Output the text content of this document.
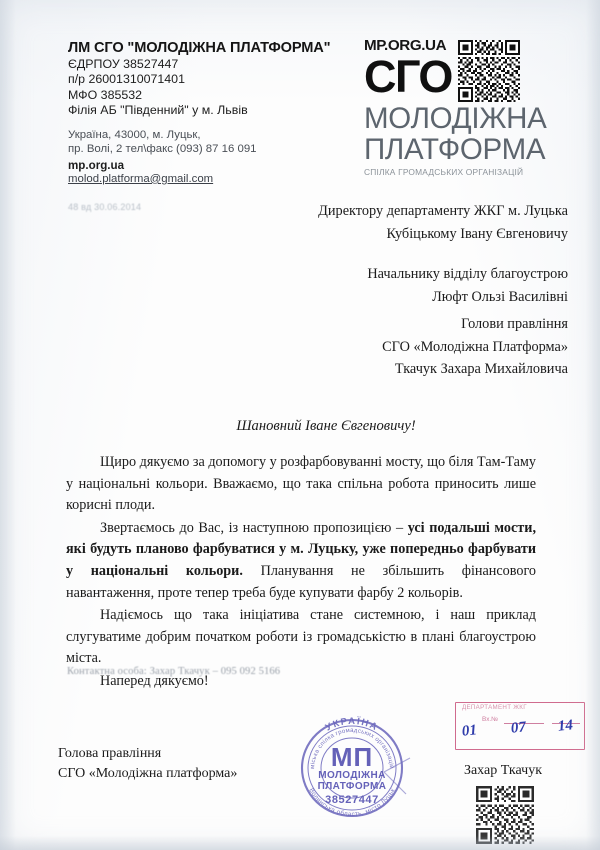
ЛМ СГО "МОЛОДІЖНА ПЛАТФОРМА"
ЄДРПОУ 38527447
п/р 26001310071401
МФО 385532
Філія АБ "Південний" у м. Львів
Україна, 43000, м. Луцьк,
пр. Волі, 2 тел\факс (093) 87 16 091
mp.org.ua
molod.platforma@gmail.com
MP.ORG.UA
СГО
МОЛОДІЖНА
ПЛАТФОРМА
СПІЛКА ГРОМАДСЬКИХ ОРГАНІЗАЦІЙ
48 вд 30.06.2014	Директору департаменту ЖКГ м. Луцька
Кубіцькому Івану Євгеновичу
Начальнику відділу благоустрою
Люфт Ользі Василівні
Голови правління
СГО «Молодіжна Платформа»
Ткачук Захара Михайловича
Шановний Іване Євгеновичу!

Щиро дякуємо за допомогу у розфарбовуванні мосту, що біля Там-Таму у національні кольори. Вважаємо, що така спільна робота приносить лише корисні плоди.

Звертаємось до Вас, із наступною пропозицією – усі подальші мости, які будуть планово фарбуватися у м. Луцьку, уже попередньо фарбувати у національні кольори. Планування не збільшить фінансового навантаження, проте тепер треба буде купувати фарбу 2 кольорів.

Надіємось що така ініціатива стане системною, і наш приклад слугуватиме добрим початком роботи із громадськістю в плані благоустрою міста.

Наперед дякуємо!

Контактна особа: Захар Ткачук – 095 092 5166
Голова правління
СГО «Молодіжна платформа»	Захар Ткачук
УКРАЇНА
міська спілка громадських організацій
Волинська область, місто Луцьк
МП
МОЛОДІЖНА
ПЛАТФОРМА
38527447
ДЕПАРТАМЕНТ ЖКГ
Вх.№
01 07 14
